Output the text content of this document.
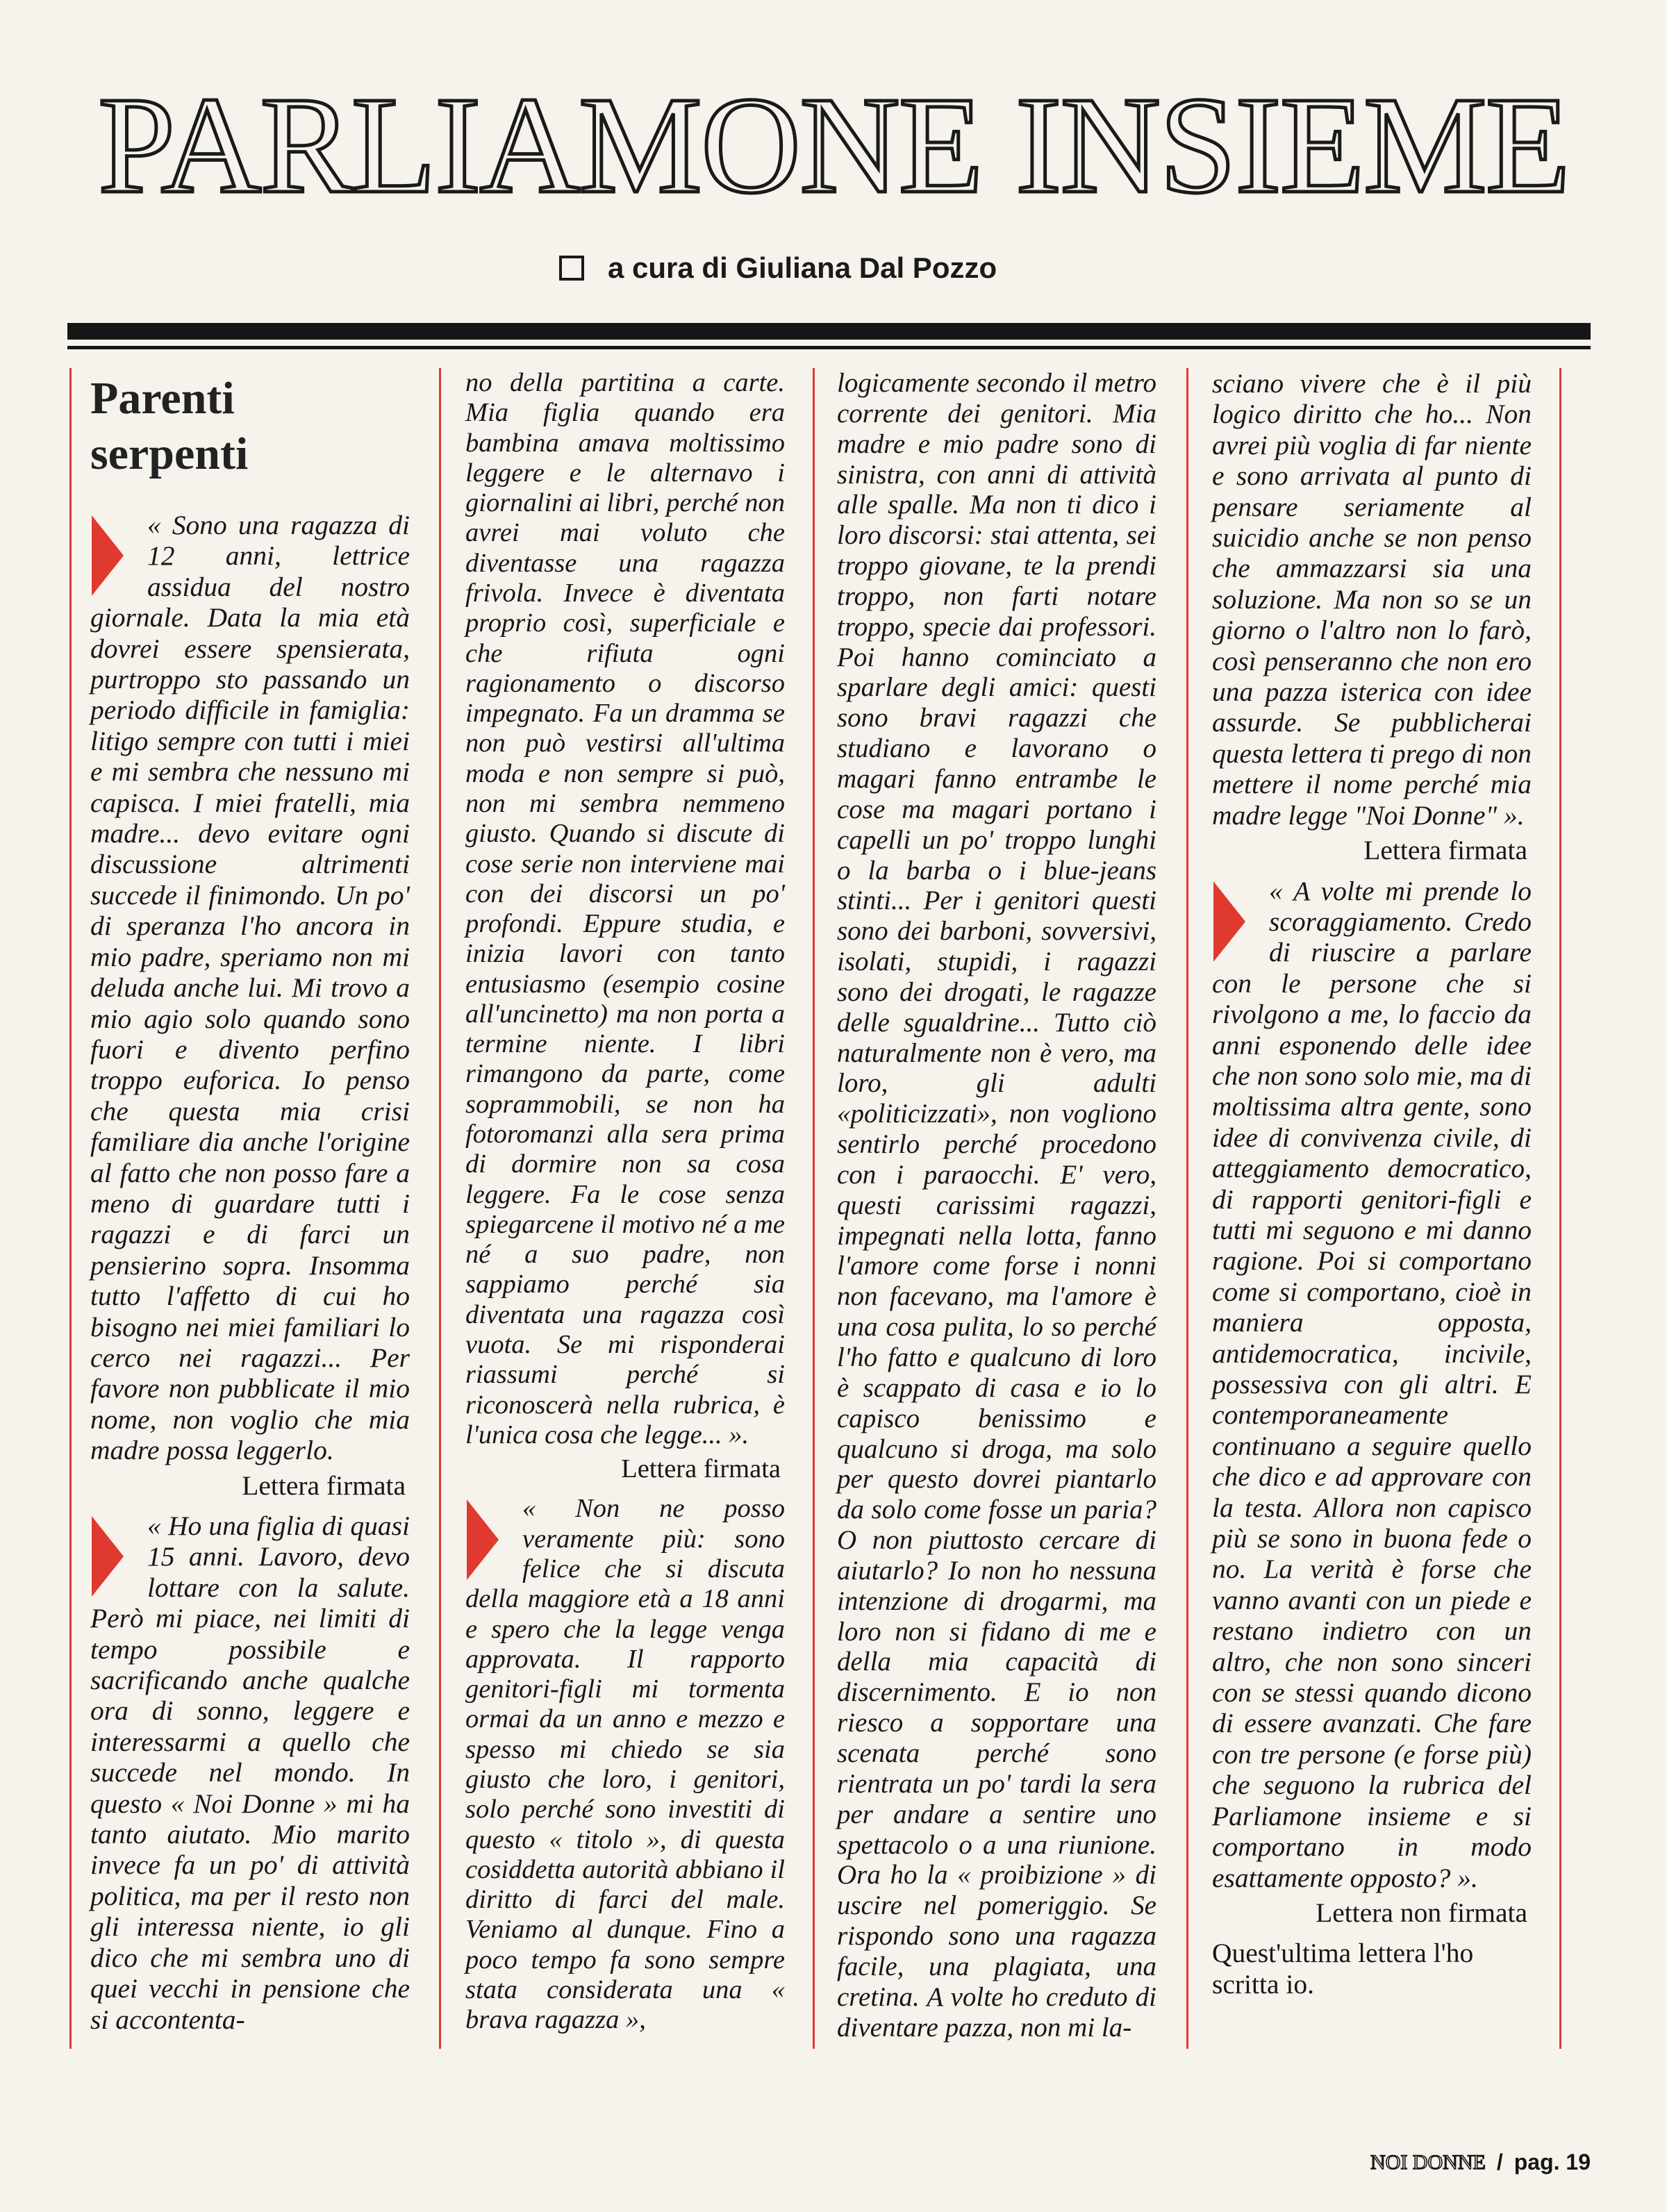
PARLIAMONE INSIEME
a cura di Giuliana Dal Pozzo
Parenti
serpenti

« Sono una ragazza di 12 anni, lettrice assidua del nostro giornale. Data la mia età dovrei essere spensierata, purtroppo sto passando un periodo difficile in famiglia: litigo sempre con tutti i miei e mi sembra che nessuno mi capisca. I miei fratelli, mia madre... devo evitare ogni discussione altrimenti succede il finimondo. Un po' di speranza l'ho ancora in mio padre, speriamo non mi deluda anche lui. Mi trovo a mio agio solo quando sono fuori e divento perfino troppo euforica. Io penso che questa mia crisi familiare dia anche l'origine al fatto che non posso fare a meno di guardare tutti i ragazzi e di farci un pensierino sopra. Insomma tutto l'affetto di cui ho bisogno nei miei familiari lo cerco nei ragazzi... Per favore non pubblicate il mio nome, non voglio che mia madre possa leggerlo.

Lettera firmata

« Ho una figlia di quasi 15 anni. Lavoro, devo lottare con la salute. Però mi piace, nei limiti di tempo possibile e sacrificando anche qualche ora di sonno, leggere e interessarmi a quello che succede nel mondo. In questo « Noi Donne » mi ha tanto aiutato. Mio marito invece fa un po' di attività politica, ma per il resto non gli interessa niente, io gli dico che mi sembra uno di quei vecchi in pensione che si accontenta-

no della partitina a carte. Mia figlia quando era bambina amava moltissimo leggere e le alternavo i giornalini ai libri, perché non avrei mai voluto che diventasse una ragazza frivola. Invece è diventata proprio così, superficiale e che rifiuta ogni ragionamento o discorso impegnato. Fa un dramma se non può vestirsi all'ultima moda e non sempre si può, non mi sembra nemmeno giusto. Quando si discute di cose serie non interviene mai con dei discorsi un po' profondi. Eppure studia, e inizia lavori con tanto entusiasmo (esempio cosine all'uncinetto) ma non porta a termine niente. I libri rimangono da parte, come soprammobili, se non ha fotoromanzi alla sera prima di dormire non sa cosa leggere. Fa le cose senza spiegarcene il motivo né a me né a suo padre, non sappiamo perché sia diventata una ragazza così vuota. Se mi risponderai riassumi perché si riconoscerà nella rubrica, è l'unica cosa che legge... ».

Lettera firmata

« Non ne posso veramente più: sono felice che si discuta della maggiore età a 18 anni e spero che la legge venga approvata. Il rapporto genitori-figli mi tormenta ormai da un anno e mezzo e spesso mi chiedo se sia giusto che loro, i genitori, solo perché sono investiti di questo « titolo », di questa cosiddetta autorità abbiano il diritto di farci del male. Veniamo al dunque. Fino a poco tempo fa sono sempre stata considerata una « brava ragazza »,

logicamente secondo il metro corrente dei genitori. Mia madre e mio padre sono di sinistra, con anni di attività alle spalle. Ma non ti dico i loro discorsi: stai attenta, sei troppo giovane, te la prendi troppo, non farti notare troppo, specie dai professori. Poi hanno cominciato a sparlare degli amici: questi sono bravi ragazzi che studiano e lavorano o magari fanno entrambe le cose ma magari portano i capelli un po' troppo lunghi o la barba o i blue-jeans stinti... Per i genitori questi sono dei barboni, sovversivi, isolati, stupidi, i ragazzi sono dei drogati, le ragazze delle sgualdrine... Tutto ciò naturalmente non è vero, ma loro, gli adulti «politicizzati», non vogliono sentirlo perché procedono con i paraocchi. E' vero, questi carissimi ragazzi, impegnati nella lotta, fanno l'amore come forse i nonni non facevano, ma l'amore è una cosa pulita, lo so perché l'ho fatto e qualcuno di loro è scappato di casa e io lo capisco benissimo e qualcuno si droga, ma solo per questo dovrei piantarlo da solo come fosse un paria? O non piuttosto cercare di aiutarlo? Io non ho nessuna intenzione di drogarmi, ma loro non si fidano di me e della mia capacità di discernimento. E io non riesco a sopportare una scenata perché sono rientrata un po' tardi la sera per andare a sentire uno spettacolo o a una riunione. Ora ho la « proibizione » di uscire nel pomeriggio. Se rispondo sono una ragazza facile, una plagiata, una cretina. A volte ho creduto di diventare pazza, non mi la-

sciano vivere che è il più logico diritto che ho... Non avrei più voglia di far niente e sono arrivata al punto di pensare seriamente al suicidio anche se non penso che ammazzarsi sia una soluzione. Ma non so se un giorno o l'altro non lo farò, così penseranno che non ero una pazza isterica con idee assurde. Se pubblicherai questa lettera ti prego di non mettere il nome perché mia madre legge "Noi Donne" ».

Lettera firmata

« A volte mi prende lo scoraggiamento. Credo di riuscire a parlare con le persone che si rivolgono a me, lo faccio da anni esponendo delle idee che non sono solo mie, ma di moltissima altra gente, sono idee di convivenza civile, di atteggiamento democratico, di rapporti genitori-figli e tutti mi seguono e mi danno ragione. Poi si comportano come si comportano, cioè in maniera opposta, antidemocratica, incivile, possessiva con gli altri. E contemporaneamente continuano a seguire quello che dico e ad approvare con la testa. Allora non capisco più se sono in buona fede o no. La verità è forse che vanno avanti con un piede e restano indietro con un altro, che non sono sinceri con se stessi quando dicono di essere avanzati. Che fare con tre persone (e forse più) che seguono la rubrica del Parliamone insieme e si comportano in modo esattamente opposto? ».

Lettera non firmata

Quest'ultima lettera l'ho scritta io.

NOI DONNE / pag. 19
